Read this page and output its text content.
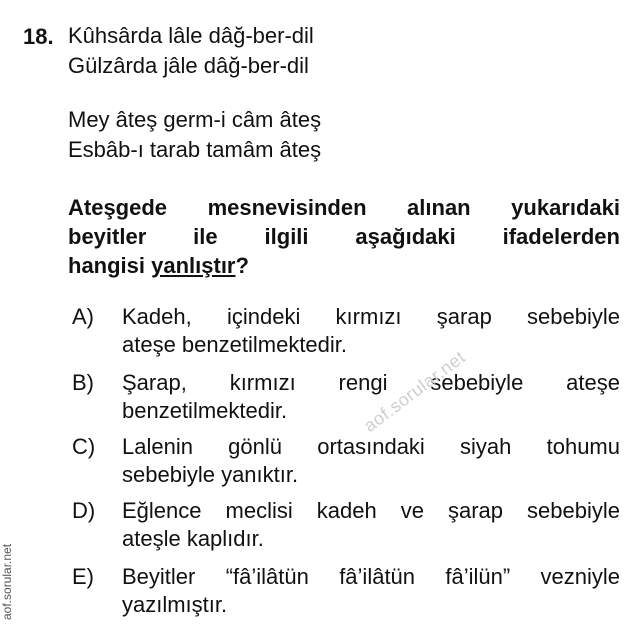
18. Kûhsârda lâle dâğ-ber-dil
Gülzârda jâle dâğ-ber-dil
Mey âteş germ-i câm âteş
Esbâb-ı tarab tamâm âteş
Ateşgede mesnevisinden alınan yukarıdaki
beyitler ile ilgili aşağıdaki ifadelerden
hangisi yanlıştır?
A)	Kadeh, içindeki kırmızı şarap sebebiyle
ateşe benzetilmektedir.
B)	Şarap, kırmızı rengi sebebiyle ateşe
benzetilmektedir.
C)	Lalenin gönlü ortasındaki siyah tohumu
sebebiyle yanıktır.
D)	Eğlence meclisi kadeh ve şarap sebebiyle
ateşle kaplıdır.
E)	Beyitler “fâ’ilâtün fâ’ilâtün fâ’ilün” vezniyle
yazılmıştır.
aof.sorular.net
aof.sorular.net
